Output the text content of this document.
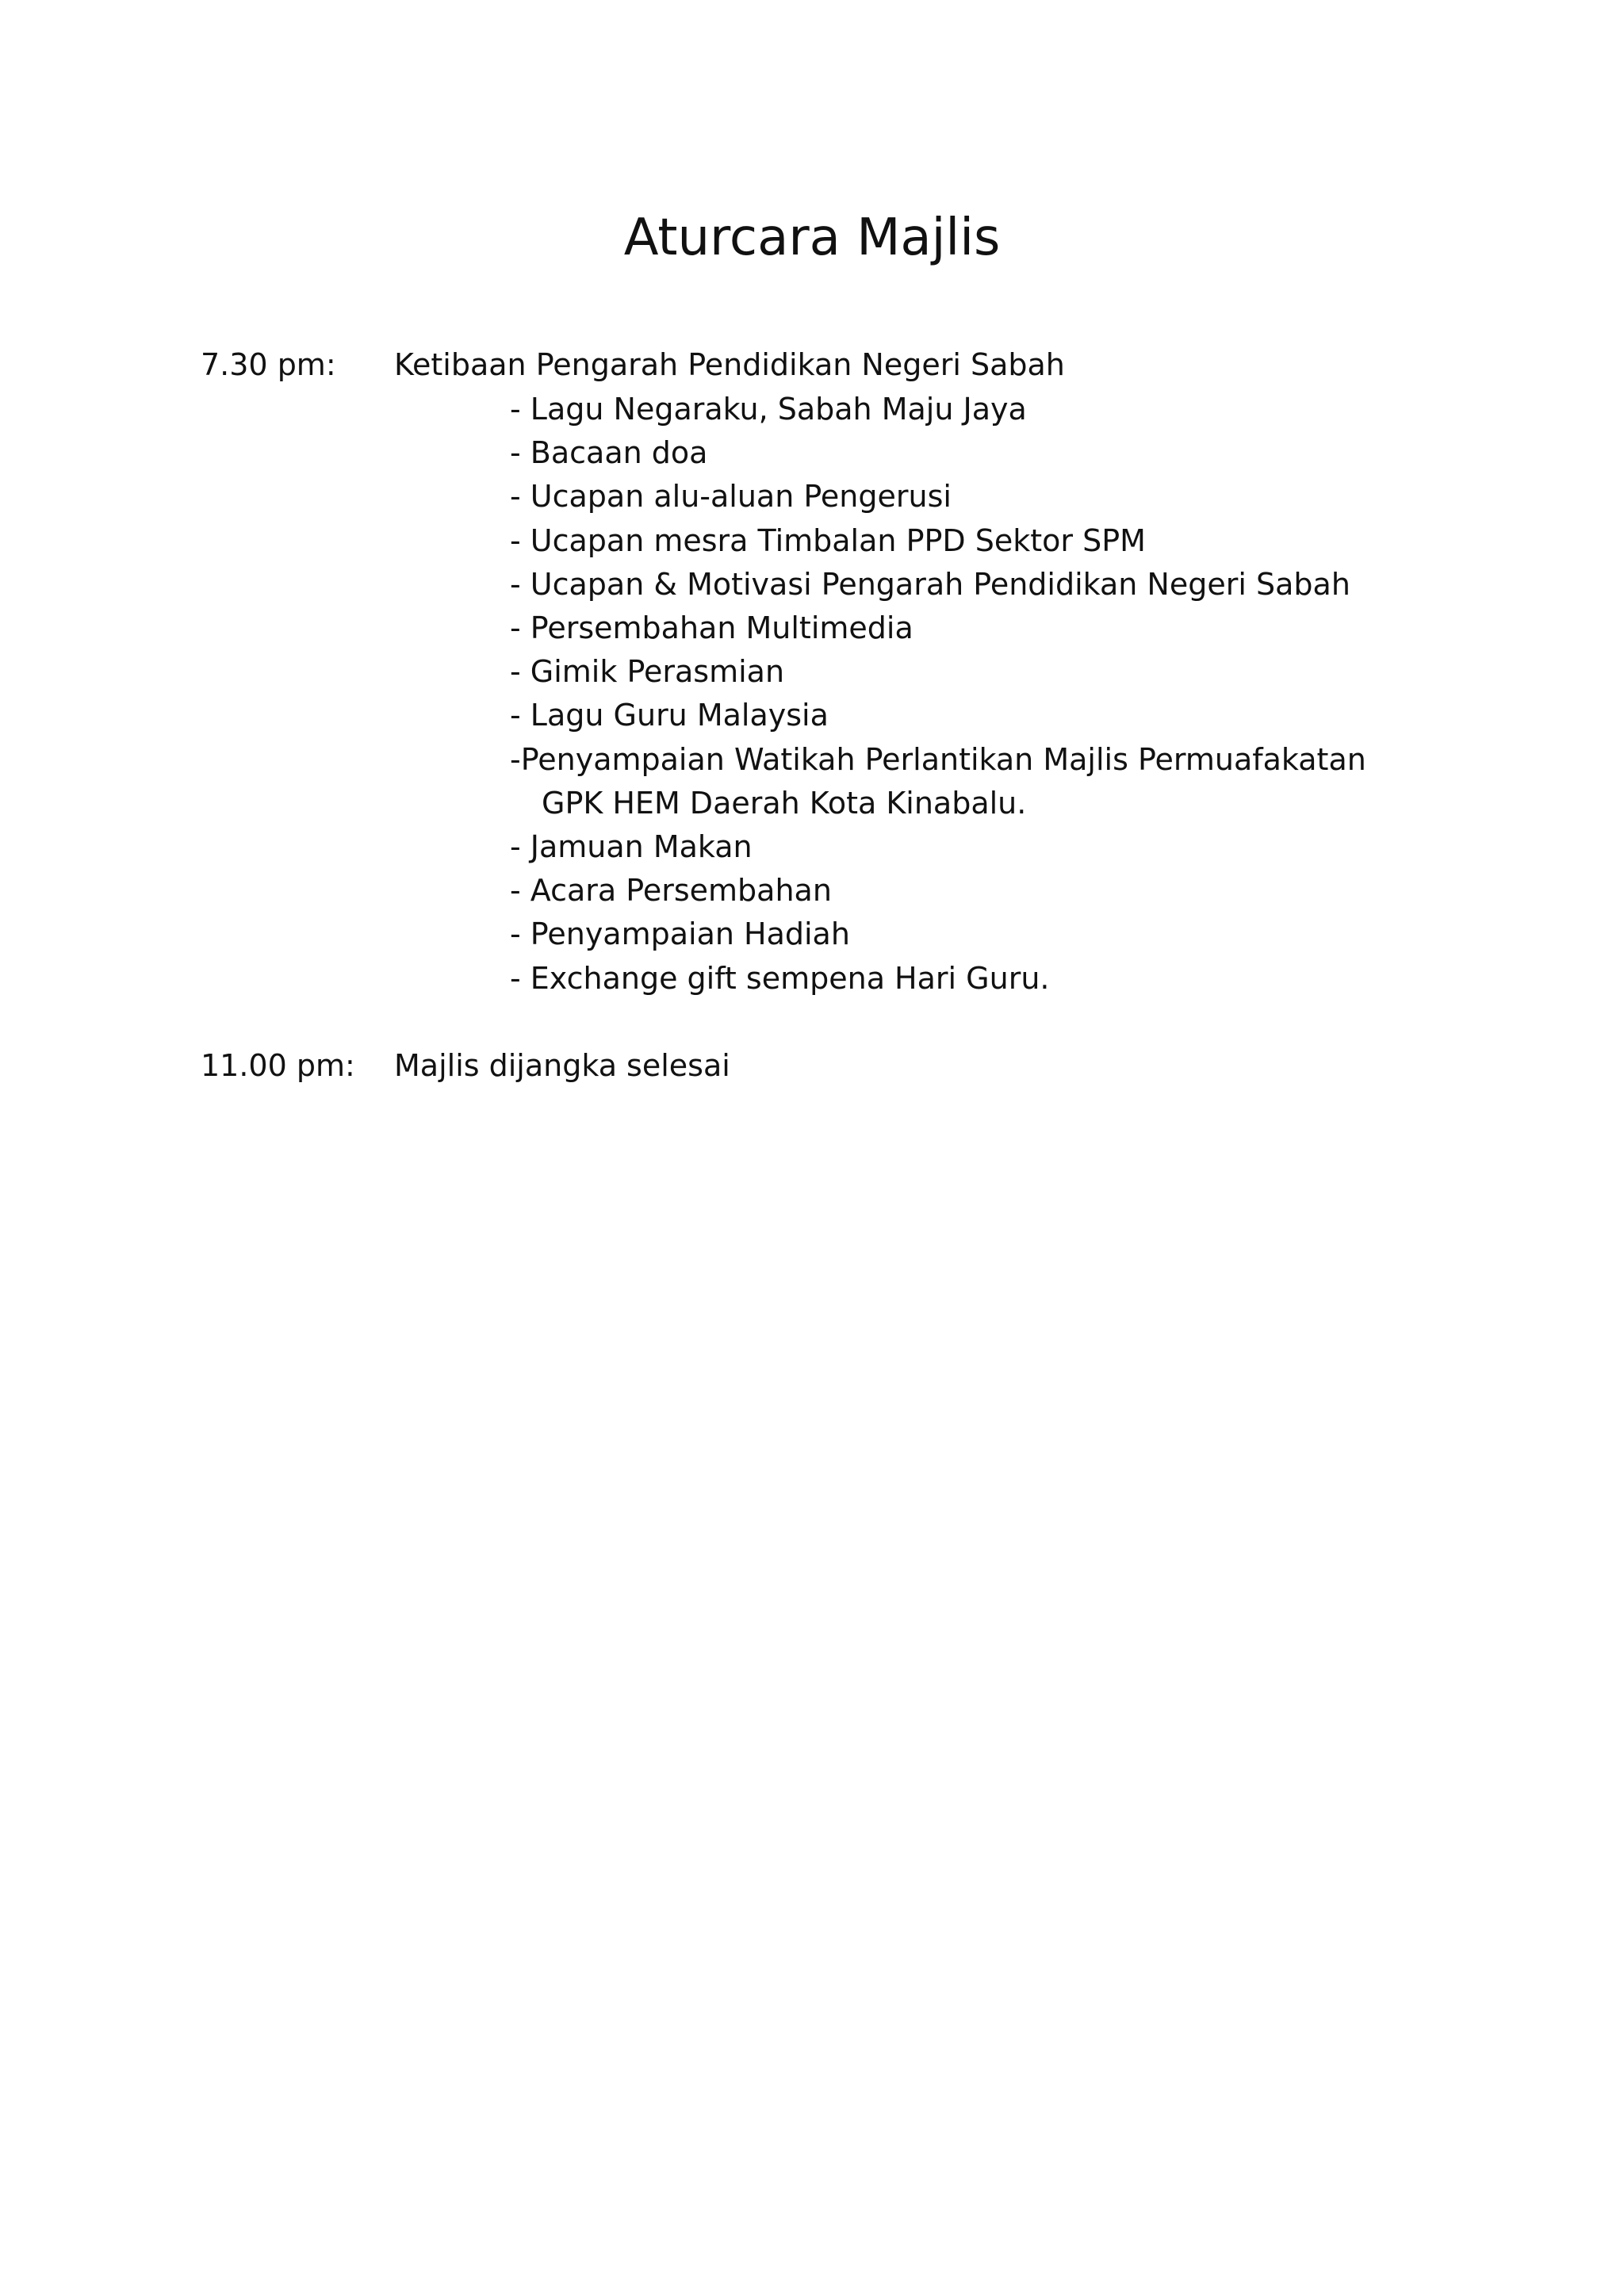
Aturcara Majlis
7.30 pm: Ketibaan Pengarah Pendidikan Negeri Sabah
- Lagu Negaraku, Sabah Maju Jaya
- Bacaan doa
- Ucapan alu-aluan Pengerusi
- Ucapan mesra Timbalan PPD Sektor SPM
- Ucapan & Motivasi Pengarah Pendidikan Negeri Sabah
- Persembahan Multimedia
- Gimik Perasmian
- Lagu Guru Malaysia
-Penyampaian Watikah Perlantikan Majlis Permuafakatan
GPK HEM Daerah Kota Kinabalu.
- Jamuan Makan
- Acara Persembahan
- Penyampaian Hadiah
- Exchange gift sempena Hari Guru.
11.00 pm: Majlis dijangka selesai
